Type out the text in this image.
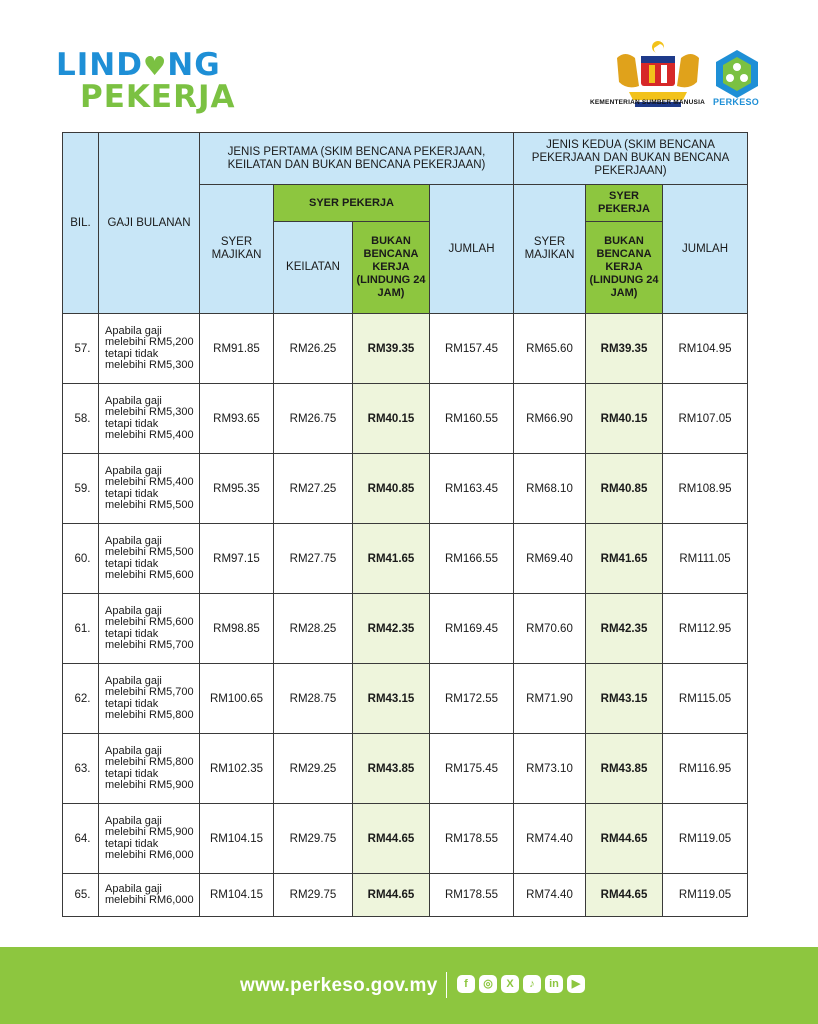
LIND♥NG
PEKERJA	KEMENTERIAN SUMBER MANUSIA PERKESO
BIL.	GAJI BULANAN	JENIS PERTAMA (SKIM BENCANA PEKERJAAN, KEILATAN DAN BUKAN BENCANA PEKERJAAN)				JENIS KEDUA (SKIM BENCANA PEKERJAAN DAN BUKAN BENCANA PEKERJAAN)		
		SYER MAJIKAN	SYER PEKERJA		JUMLAH	SYER MAJIKAN	SYER PEKERJA	JUMLAH
			KEILATAN	BUKAN BENCANA KERJA (LINDUNG 24 JAM)			BUKAN BENCANA KERJA (LINDUNG 24 JAM)	
57.	Apabila gaji melebihi RM5,200 tetapi tidak melebihi RM5,300	RM91.85	RM26.25	RM39.35	RM157.45	RM65.60	RM39.35	RM104.95
58.	Apabila gaji melebihi RM5,300 tetapi tidak melebihi RM5,400	RM93.65	RM26.75	RM40.15	RM160.55	RM66.90	RM40.15	RM107.05
59.	Apabila gaji melebihi RM5,400 tetapi tidak melebihi RM5,500	RM95.35	RM27.25	RM40.85	RM163.45	RM68.10	RM40.85	RM108.95
60.	Apabila gaji melebihi RM5,500 tetapi tidak melebihi RM5,600	RM97.15	RM27.75	RM41.65	RM166.55	RM69.40	RM41.65	RM111.05
61.	Apabila gaji melebihi RM5,600 tetapi tidak melebihi RM5,700	RM98.85	RM28.25	RM42.35	RM169.45	RM70.60	RM42.35	RM112.95
62.	Apabila gaji melebihi RM5,700 tetapi tidak melebihi RM5,800	RM100.65	RM28.75	RM43.15	RM172.55	RM71.90	RM43.15	RM115.05
63.	Apabila gaji melebihi RM5,800 tetapi tidak melebihi RM5,900	RM102.35	RM29.25	RM43.85	RM175.45	RM73.10	RM43.85	RM116.95
64.	Apabila gaji melebihi RM5,900 tetapi tidak melebihi RM6,000	RM104.15	RM29.75	RM44.65	RM178.55	RM74.40	RM44.65	RM119.05
65.	Apabila gaji melebihi RM6,000	RM104.15	RM29.75	RM44.65	RM178.55	RM74.40	RM44.65	RM119.05
www.perkeso.gov.my	f	◎	X	♪	in	▶
